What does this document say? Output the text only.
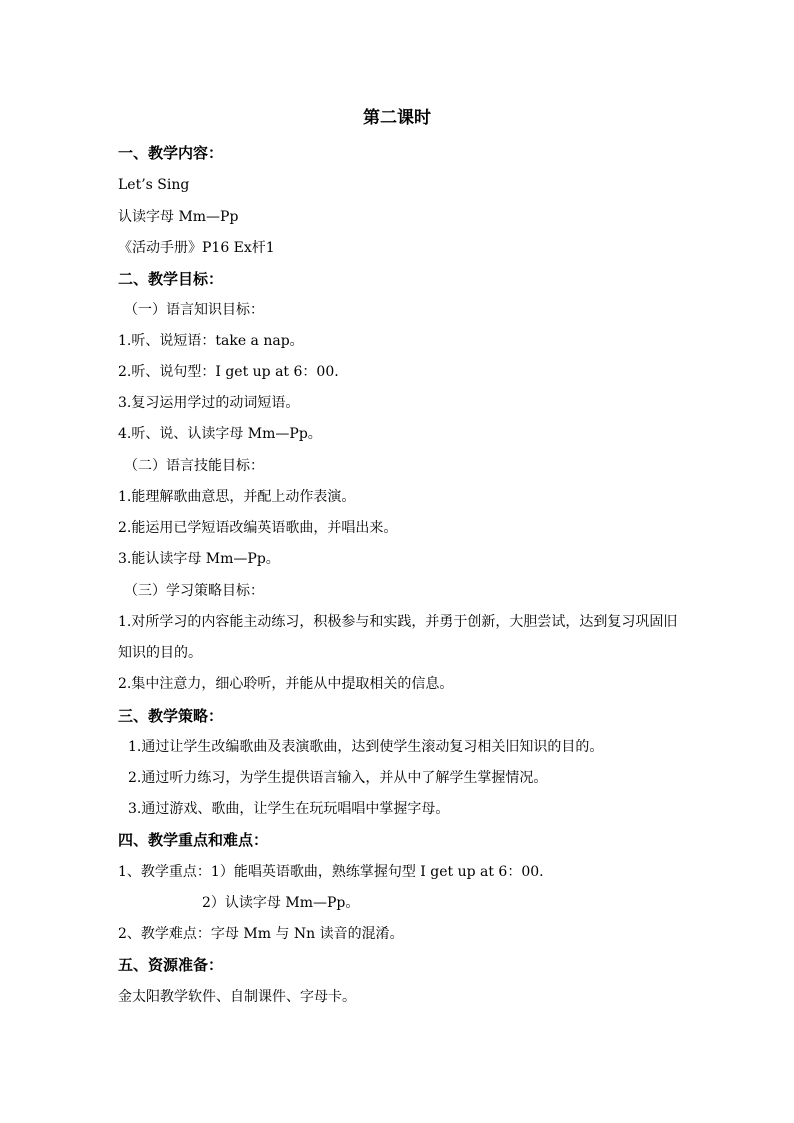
第二课时
一、教学内容：
Let’s Sing
认读字母 Mm—Pp
《活动手册》P16 Ex杆1
二、教学目标：
（一）语言知识目标：
1.听、说短语：take a nap。
2.听、说句型：I get up at 6：00.
3.复习运用学过的动词短语。
4.听、说、认读字母 Mm—Pp。
（二）语言技能目标：
1.能理解歌曲意思，并配上动作表演。
2.能运用已学短语改编英语歌曲，并唱出来。
3.能认读字母 Mm—Pp。
（三）学习策略目标：
1.对所学习的内容能主动练习，积极参与和实践，并勇于创新，大胆尝试，达到复习巩固旧知识的目的。
2.集中注意力，细心聆听，并能从中提取相关的信息。
三、教学策略：
1.通过让学生改编歌曲及表演歌曲，达到使学生滚动复习相关旧知识的目的。
2.通过听力练习，为学生提供语言输入，并从中了解学生掌握情况。
3.通过游戏、歌曲，让学生在玩玩唱唱中掌握字母。
四、教学重点和难点：
1、教学重点：1）能唱英语歌曲，熟练掌握句型 I get up at 6：00.
2）认读字母 Mm—Pp。
2、教学难点：字母 Mm 与 Nn 读音的混淆。
五、资源准备：
金太阳教学软件、自制课件、字母卡。
